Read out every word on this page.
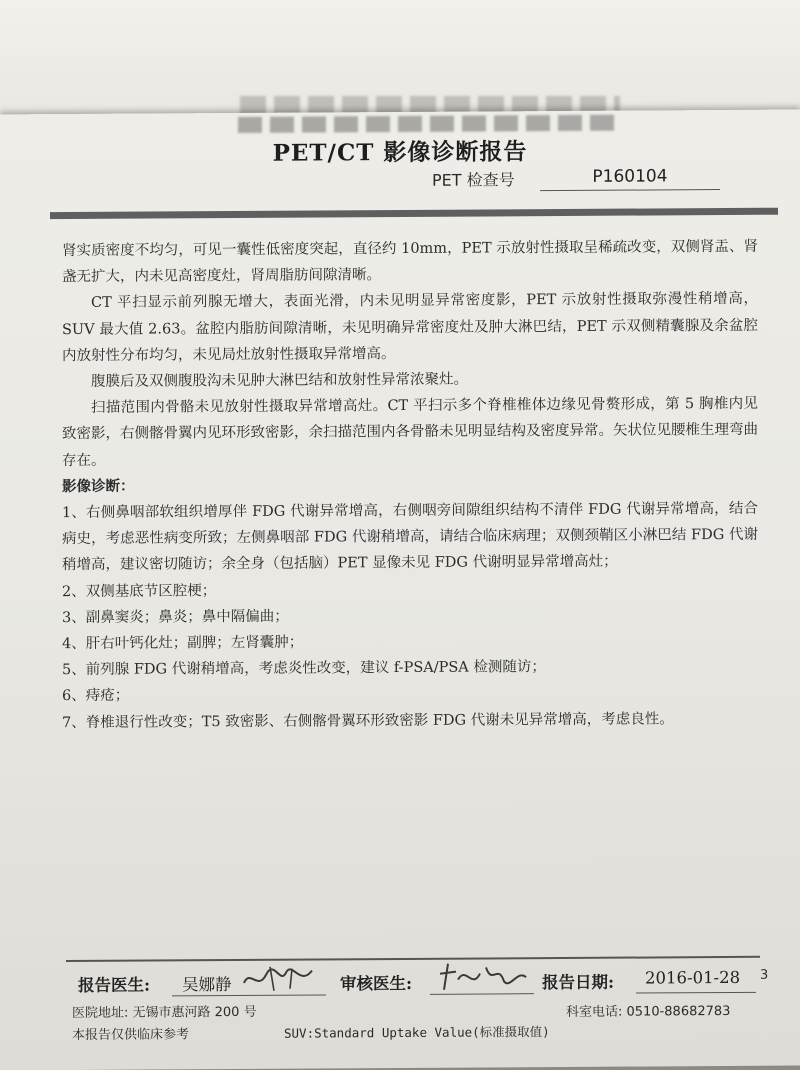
PET/CT 影像诊断报告
PET 检查号	P160104

肾实质密度不均匀，可见一囊性低密度突起，直径约 10mm，PET 示放射性摄取呈稀疏改变，双侧肾盂、肾盏无扩大，内未见高密度灶，肾周脂肪间隙清晰。

CT 平扫显示前列腺无增大，表面光滑，内未见明显异常密度影，PET 示放射性摄取弥漫性稍增高，SUV 最大值 2.63。盆腔内脂肪间隙清晰，未见明确异常密度灶及肿大淋巴结，PET 示双侧精囊腺及余盆腔内放射性分布均匀，未见局灶放射性摄取异常增高。

腹膜后及双侧腹股沟未见肿大淋巴结和放射性异常浓聚灶。

扫描范围内骨骼未见放射性摄取异常增高灶。CT 平扫示多个脊椎椎体边缘见骨赘形成，第 5 胸椎内见致密影，右侧髂骨翼内见环形致密影，余扫描范围内各骨骼未见明显结构及密度异常。矢状位见腰椎生理弯曲存在。

影像诊断：

1、右侧鼻咽部软组织增厚伴 FDG 代谢异常增高，右侧咽旁间隙组织结构不清伴 FDG 代谢异常增高，结合病史，考虑恶性病变所致；左侧鼻咽部 FDG 代谢稍增高，请结合临床病理；双侧颈鞘区小淋巴结 FDG 代谢稍增高，建议密切随访；余全身（包括脑）PET 显像未见 FDG 代谢明显异常增高灶；

2、双侧基底节区腔梗；

3、副鼻窦炎；鼻炎；鼻中隔偏曲；

4、肝右叶钙化灶；副脾；左肾囊肿；

5、前列腺 FDG 代谢稍增高，考虑炎性改变，建议 f-PSA/PSA 检测随访；

6、痔疮；

7、脊椎退行性改变；T5 致密影、右侧髂骨翼环形致密影 FDG 代谢未见异常增高，考虑良性。

报告医生: 吴娜静	审核医生:	报告日期: 2016-01-28 3
医院地址: 无锡市惠河路 200 号	科室电话: 0510-88682783
本报告仅供临床参考	SUV:Standard Uptake Value(标准摄取值)
